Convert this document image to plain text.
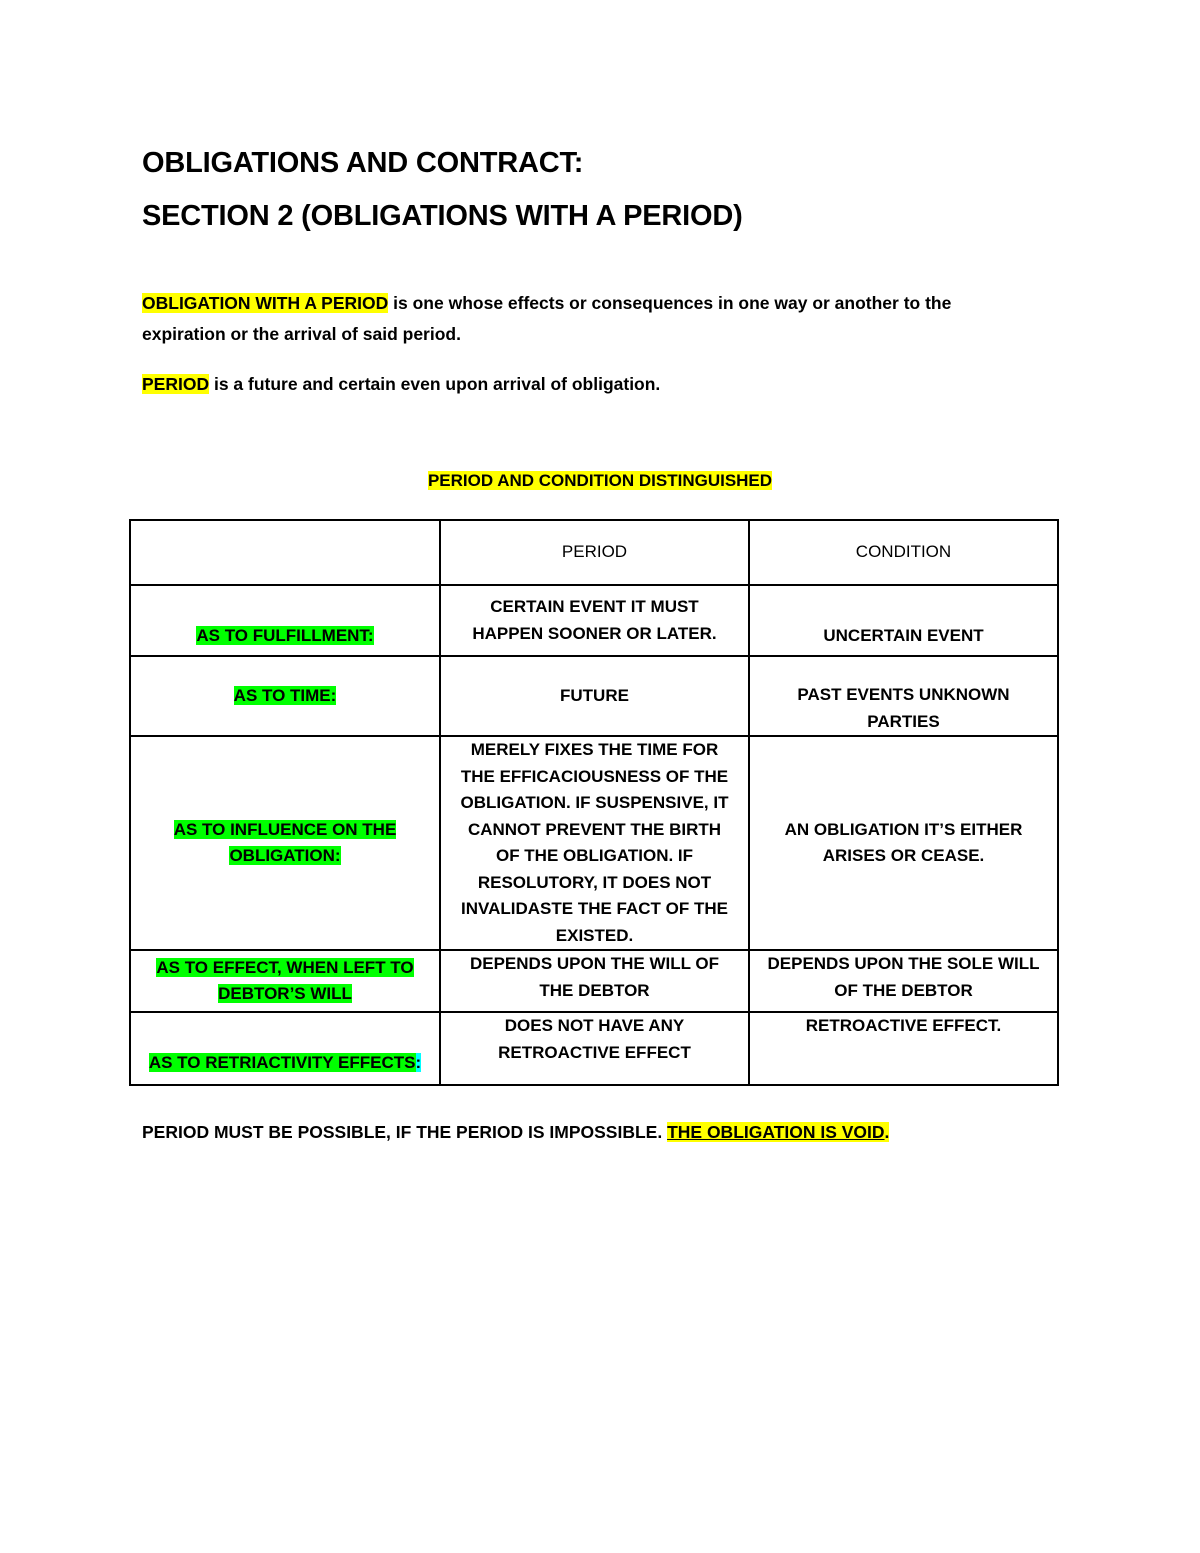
OBLIGATIONS AND CONTRACT:
SECTION 2 (OBLIGATIONS WITH A PERIOD)
OBLIGATION WITH A PERIOD is one whose effects or consequences in one way or another to the expiration or the arrival of said period.
PERIOD is a future and certain even upon arrival of obligation.
PERIOD AND CONDITION DISTINGUISHED
	PERIOD	CONDITION
AS TO FULFILLMENT:	CERTAIN EVENT IT MUST HAPPEN SOONER OR LATER.	UNCERTAIN EVENT
AS TO TIME:	FUTURE	PAST EVENTS UNKNOWN PARTIES
AS TO INFLUENCE ON THE OBLIGATION:	MERELY FIXES THE TIME FOR THE EFFICACIOUSNESS OF THE OBLIGATION. IF SUSPENSIVE, IT CANNOT PREVENT THE BIRTH OF THE OBLIGATION. IF RESOLUTORY, IT DOES NOT INVALIDASTE THE FACT OF THE EXISTED.	AN OBLIGATION IT’S EITHER ARISES OR CEASE.
AS TO EFFECT, WHEN LEFT TO DEBTOR’S WILL	DEPENDS UPON THE WILL OF THE DEBTOR	DEPENDS UPON THE SOLE WILL OF THE DEBTOR
AS TO RETRIACTIVITY EFFECTS:	DOES NOT HAVE ANY RETROACTIVE EFFECT	RETROACTIVE EFFECT.
PERIOD MUST BE POSSIBLE, IF THE PERIOD IS IMPOSSIBLE. THE OBLIGATION IS VOID.
